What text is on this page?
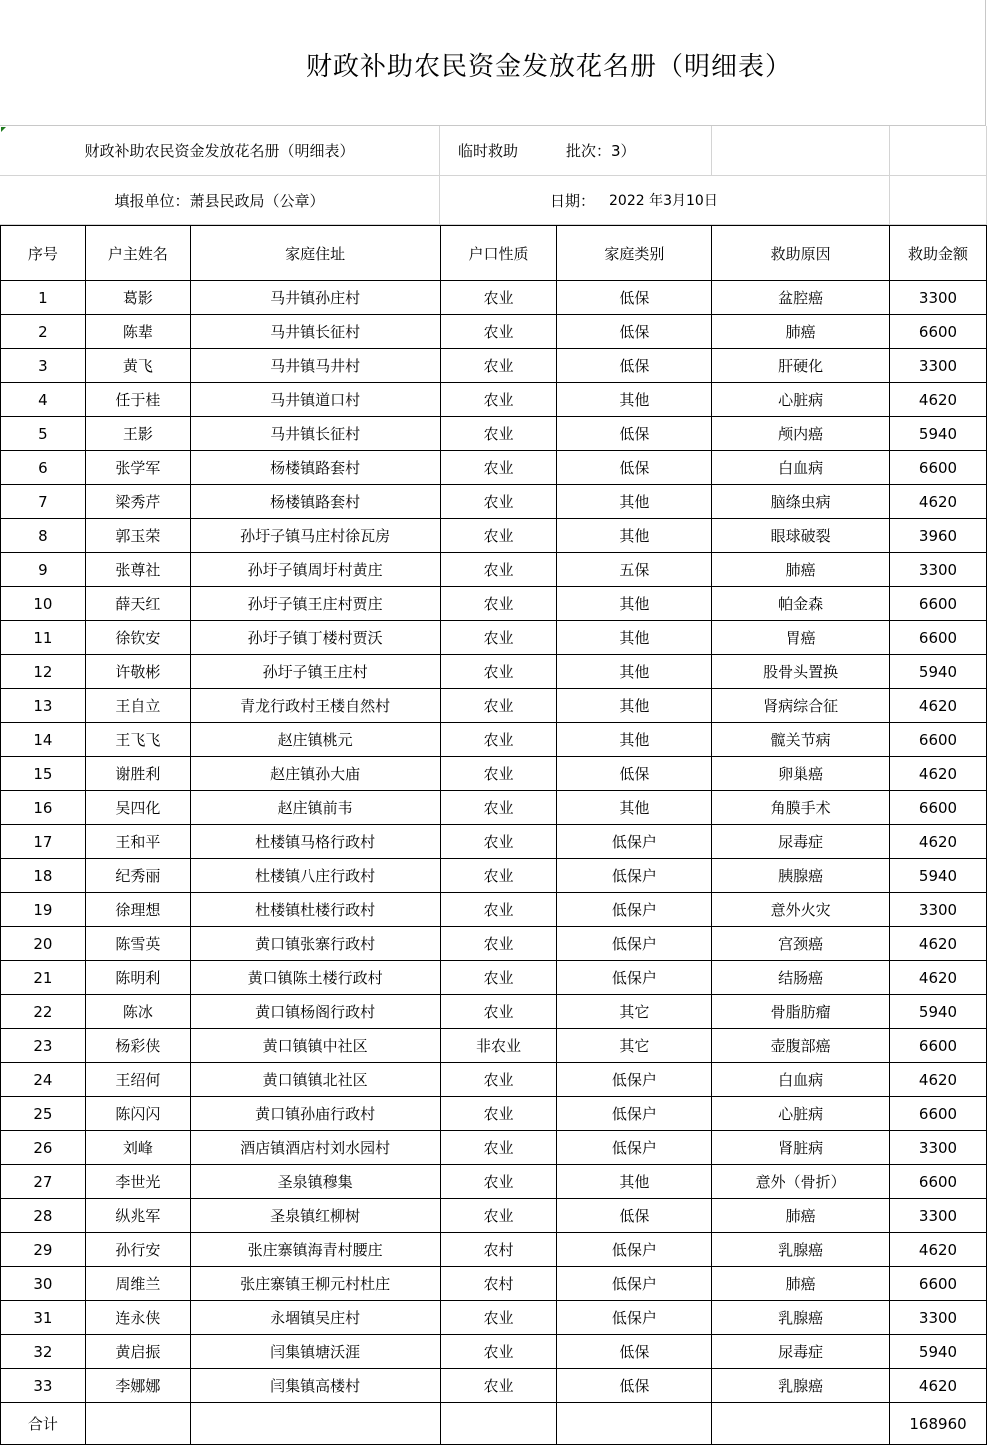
财政补助农民资金发放花名册（明细表）
财政补助农民资金发放花名册（明细表）	临时救助	批次：3）
填报单位：萧县民政局（公章）	日期： 2022 年3月10日
序号	户主姓名	家庭住址	户口性质	家庭类别	救助原因	救助金额
1	葛影	马井镇孙庄村	农业	低保	盆腔癌	3300
2	陈辈	马井镇长征村	农业	低保	肺癌	6600
3	黄飞	马井镇马井村	农业	低保	肝硬化	3300
4	任于桂	马井镇道口村	农业	其他	心脏病	4620
5	王影	马井镇长征村	农业	低保	颅内癌	5940
6	张学军	杨楼镇路套村	农业	低保	白血病	6600
7	梁秀芹	杨楼镇路套村	农业	其他	脑绦虫病	4620
8	郭玉荣	孙圩子镇马庄村徐瓦房	农业	其他	眼球破裂	3960
9	张尊社	孙圩子镇周圩村黄庄	农业	五保	肺癌	3300
10	薛天红	孙圩子镇王庄村贾庄	农业	其他	帕金森	6600
11	徐钦安	孙圩子镇丁楼村贾沃	农业	其他	胃癌	6600
12	许敬彬	孙圩子镇王庄村	农业	其他	股骨头置换	5940
13	王自立	青龙行政村王楼自然村	农业	其他	肾病综合征	4620
14	王飞飞	赵庄镇桃元	农业	其他	髋关节病	6600
15	谢胜利	赵庄镇孙大庙	农业	低保	卵巢癌	4620
16	吴四化	赵庄镇前韦	农业	其他	角膜手术	6600
17	王和平	杜楼镇马格行政村	农业	低保户	尿毒症	4620
18	纪秀丽	杜楼镇八庄行政村	农业	低保户	胰腺癌	5940
19	徐理想	杜楼镇杜楼行政村	农业	低保户	意外火灾	3300
20	陈雪英	黄口镇张寨行政村	农业	低保户	宫颈癌	4620
21	陈明利	黄口镇陈土楼行政村	农业	低保户	结肠癌	4620
22	陈冰	黄口镇杨阁行政村	农业	其它	骨脂肪瘤	5940
23	杨彩侠	黄口镇镇中社区	非农业	其它	壶腹部癌	6600
24	王绍何	黄口镇镇北社区	农业	低保户	白血病	4620
25	陈闪闪	黄口镇孙庙行政村	农业	低保户	心脏病	6600
26	刘峰	酒店镇酒店村刘水园村	农业	低保户	肾脏病	3300
27	李世光	圣泉镇穆集	农业	其他	意外（骨折）	6600
28	纵兆军	圣泉镇红柳树	农业	低保	肺癌	3300
29	孙行安	张庄寨镇海青村腰庄	农村	低保户	乳腺癌	4620
30	周维兰	张庄寨镇王柳元村杜庄	农村	低保户	肺癌	6600
31	连永侠	永堌镇吴庄村	农业	低保户	乳腺癌	3300
32	黄启振	闫集镇塘沃涯	农业	低保	尿毒症	5940
33	李娜娜	闫集镇高楼村	农业	低保	乳腺癌	4620
合计						168960
